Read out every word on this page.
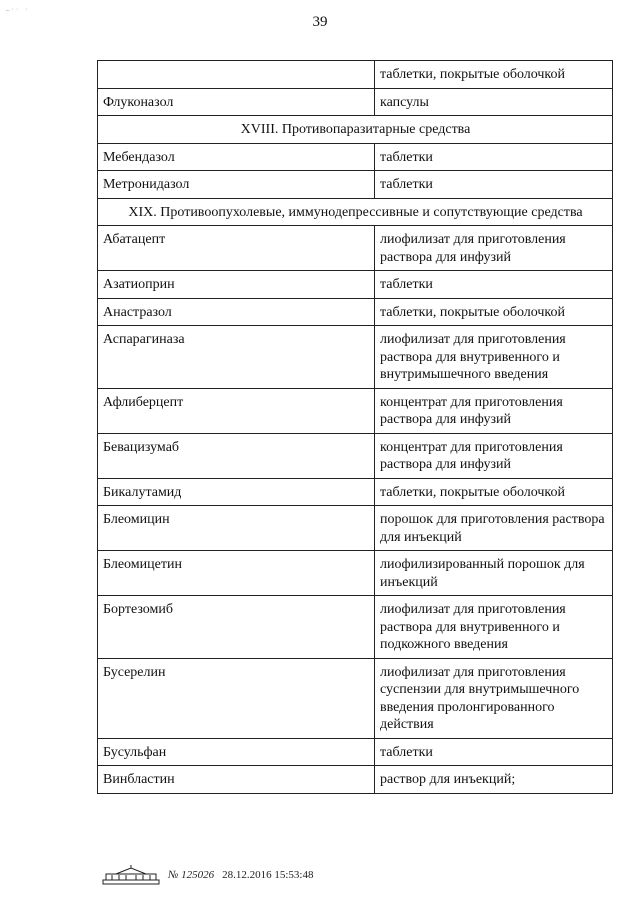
…·· ·
39
	таблетки, покрытые оболочкой
Флуконазол	капсулы
XVIII. Противопаразитарные средства	
Мебендазол	таблетки
Метронидазол	таблетки
XIX. Противоопухолевые, иммунодепрессивные и сопутствующие средства	
Абатацепт	лиофилизат для приготовления раствора для инфузий
Азатиоприн	таблетки
Анастразол	таблетки, покрытые оболочкой
Аспарагиназа	лиофилизат для приготовления раствора для внутривенного и внутримышечного введения
Афлиберцепт	концентрат для приготовления раствора для инфузий
Бевацизумаб	концентрат для приготовления раствора для инфузий
Бикалутамид	таблетки, покрытые оболочкой
Блеомицин	порошок для приготовления раствора для инъекций
Блеомицетин	лиофилизированный порошок для инъекций
Бортезомиб	лиофилизат для приготовления раствора для внутривенного и подкожного введения
Бусерелин	лиофилизат для приготовления суспензии для внутримышечного введения пролонгированного действия
Бусульфан	таблетки
Винбластин	раствор для инъекций;
№ 125026 28.12.2016 15:53:48
